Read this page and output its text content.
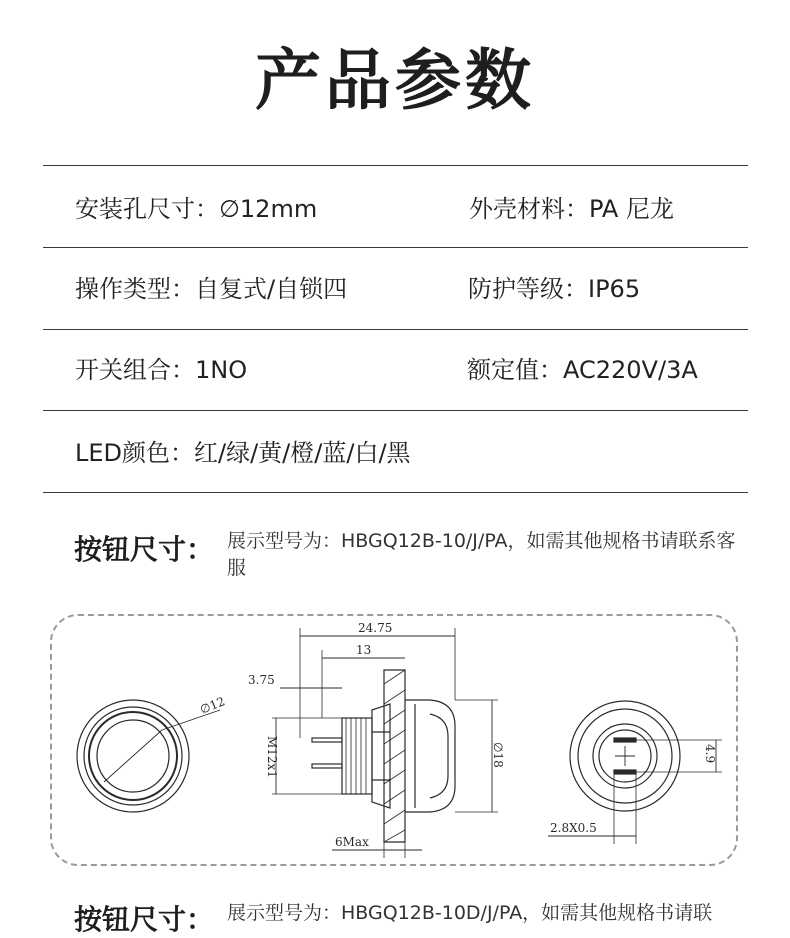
产品参数
安装孔尺寸：∅12mm	外壳材料：PA 尼龙
操作类型：自复式/自锁四	防护等级：IP65
开关组合：1NO	额定值：AC220V/3A
LED颜色：红/绿/黄/橙/蓝/白/黑
按钮尺寸： 展示型号为：HBGQ12B-10/J/PA，如需其他规格书请联系客服
∅12
24.75
13
3.75
M12x1	∅18
6Max
2.8X0.5
4.9
按钮尺寸： 展示型号为：HBGQ12B-10D/J/PA，如需其他规格书请联
